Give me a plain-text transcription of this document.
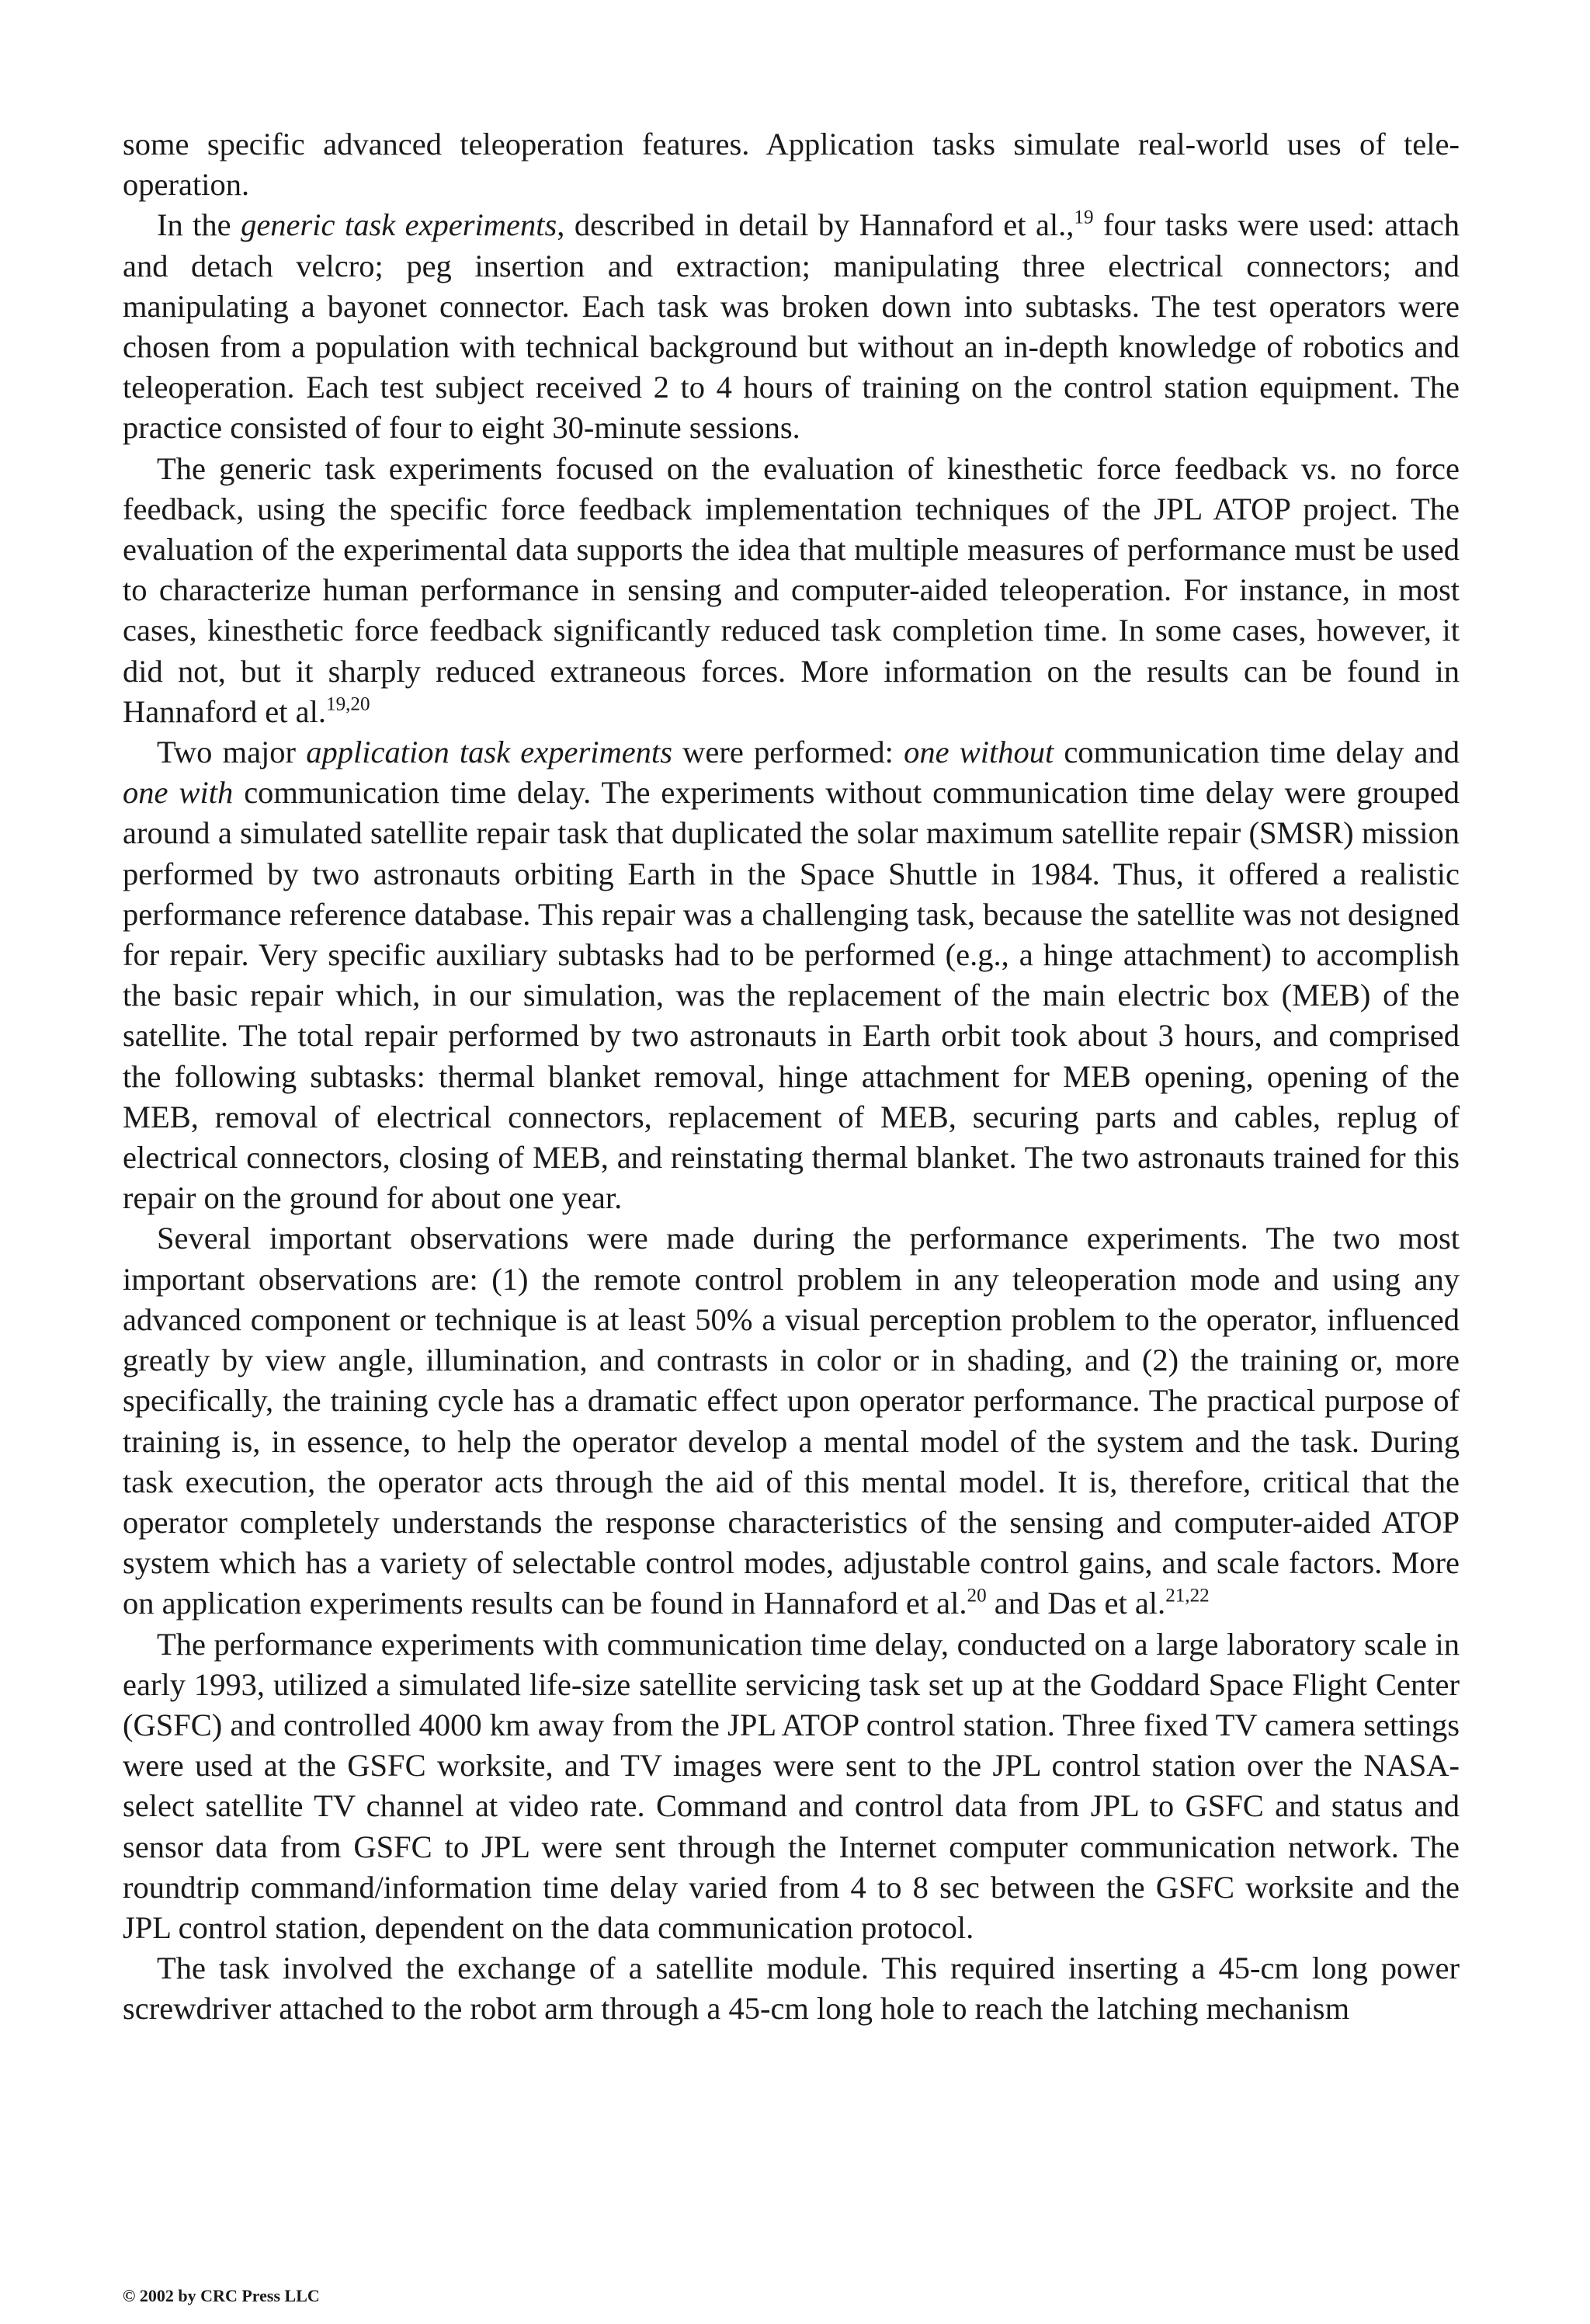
some specific advanced teleoperation features. Application tasks simulate real-world uses of teleoperation.

In the generic task experiments, described in detail by Hannaford et al.,$^{19}$ four tasks were used: attach and detach velcro; peg insertion and extraction; manipulating three electrical connectors; and manipulating a bayonet connector. Each task was broken down into subtasks. The test operators were chosen from a population with technical background but without an in-depth knowledge of robotics and teleoperation. Each test subject received 2 to 4 hours of training on the control station equipment. The practice consisted of four to eight 30-minute sessions.

The generic task experiments focused on the evaluation of kinesthetic force feedback vs. no force feedback, using the specific force feedback implementation techniques of the JPL ATOP project. The evaluation of the experimental data supports the idea that multiple measures of performance must be used to characterize human performance in sensing and computer-aided teleoperation. For instance, in most cases, kinesthetic force feedback significantly reduced task completion time. In some cases, however, it did not, but it sharply reduced extraneous forces. More information on the results can be found in Hannaford et al.$^{19,20}$

Two major application task experiments were performed: one without communication time delay and one with communication time delay. The experiments without communication time delay were grouped around a simulated satellite repair task that duplicated the solar maximum satellite repair (SMSR) mission performed by two astronauts orbiting Earth in the Space Shuttle in 1984. Thus, it offered a realistic performance reference database. This repair was a challenging task, because the satellite was not designed for repair. Very specific auxiliary subtasks had to be performed (e.g., a hinge attachment) to accomplish the basic repair which, in our simulation, was the replacement of the main electric box (MEB) of the satellite. The total repair performed by two astronauts in Earth orbit took about 3 hours, and comprised the following subtasks: thermal blanket removal, hinge attachment for MEB opening, opening of the MEB, removal of electrical connectors, replacement of MEB, securing parts and cables, replug of electrical connectors, closing of MEB, and reinstating thermal blanket. The two astronauts trained for this repair on the ground for about one year.

Several important observations were made during the performance experiments. The two most important observations are: (1) the remote control problem in any teleoperation mode and using any advanced component or technique is at least 50% a visual perception problem to the operator, influenced greatly by view angle, illumination, and contrasts in color or in shading, and (2) the training or, more specifically, the training cycle has a dramatic effect upon operator performance. The practical purpose of training is, in essence, to help the operator develop a mental model of the system and the task. During task execution, the operator acts through the aid of this mental model. It is, therefore, critical that the operator completely understands the response characteristics of the sensing and computer-aided ATOP system which has a variety of selectable control modes, adjustable control gains, and scale factors. More on application experiments results can be found in Hannaford et al.$^{20}$ and Das et al.$^{21,22}$

The performance experiments with communication time delay, conducted on a large laboratory scale in early 1993, utilized a simulated life-size satellite servicing task set up at the Goddard Space Flight Center (GSFC) and controlled 4000 km away from the JPL ATOP control station. Three fixed TV camera settings were used at the GSFC worksite, and TV images were sent to the JPL control station over the NASA-select satellite TV channel at video rate. Command and control data from JPL to GSFC and status and sensor data from GSFC to JPL were sent through the Internet computer communication network. The roundtrip command/information time delay varied from 4 to 8 sec between the GSFC worksite and the JPL control station, dependent on the data communication protocol.

The task involved the exchange of a satellite module. This required inserting a 45-cm long power screwdriver attached to the robot arm through a 45-cm long hole to reach the latching mechanism

© 2002 by CRC Press LLC
